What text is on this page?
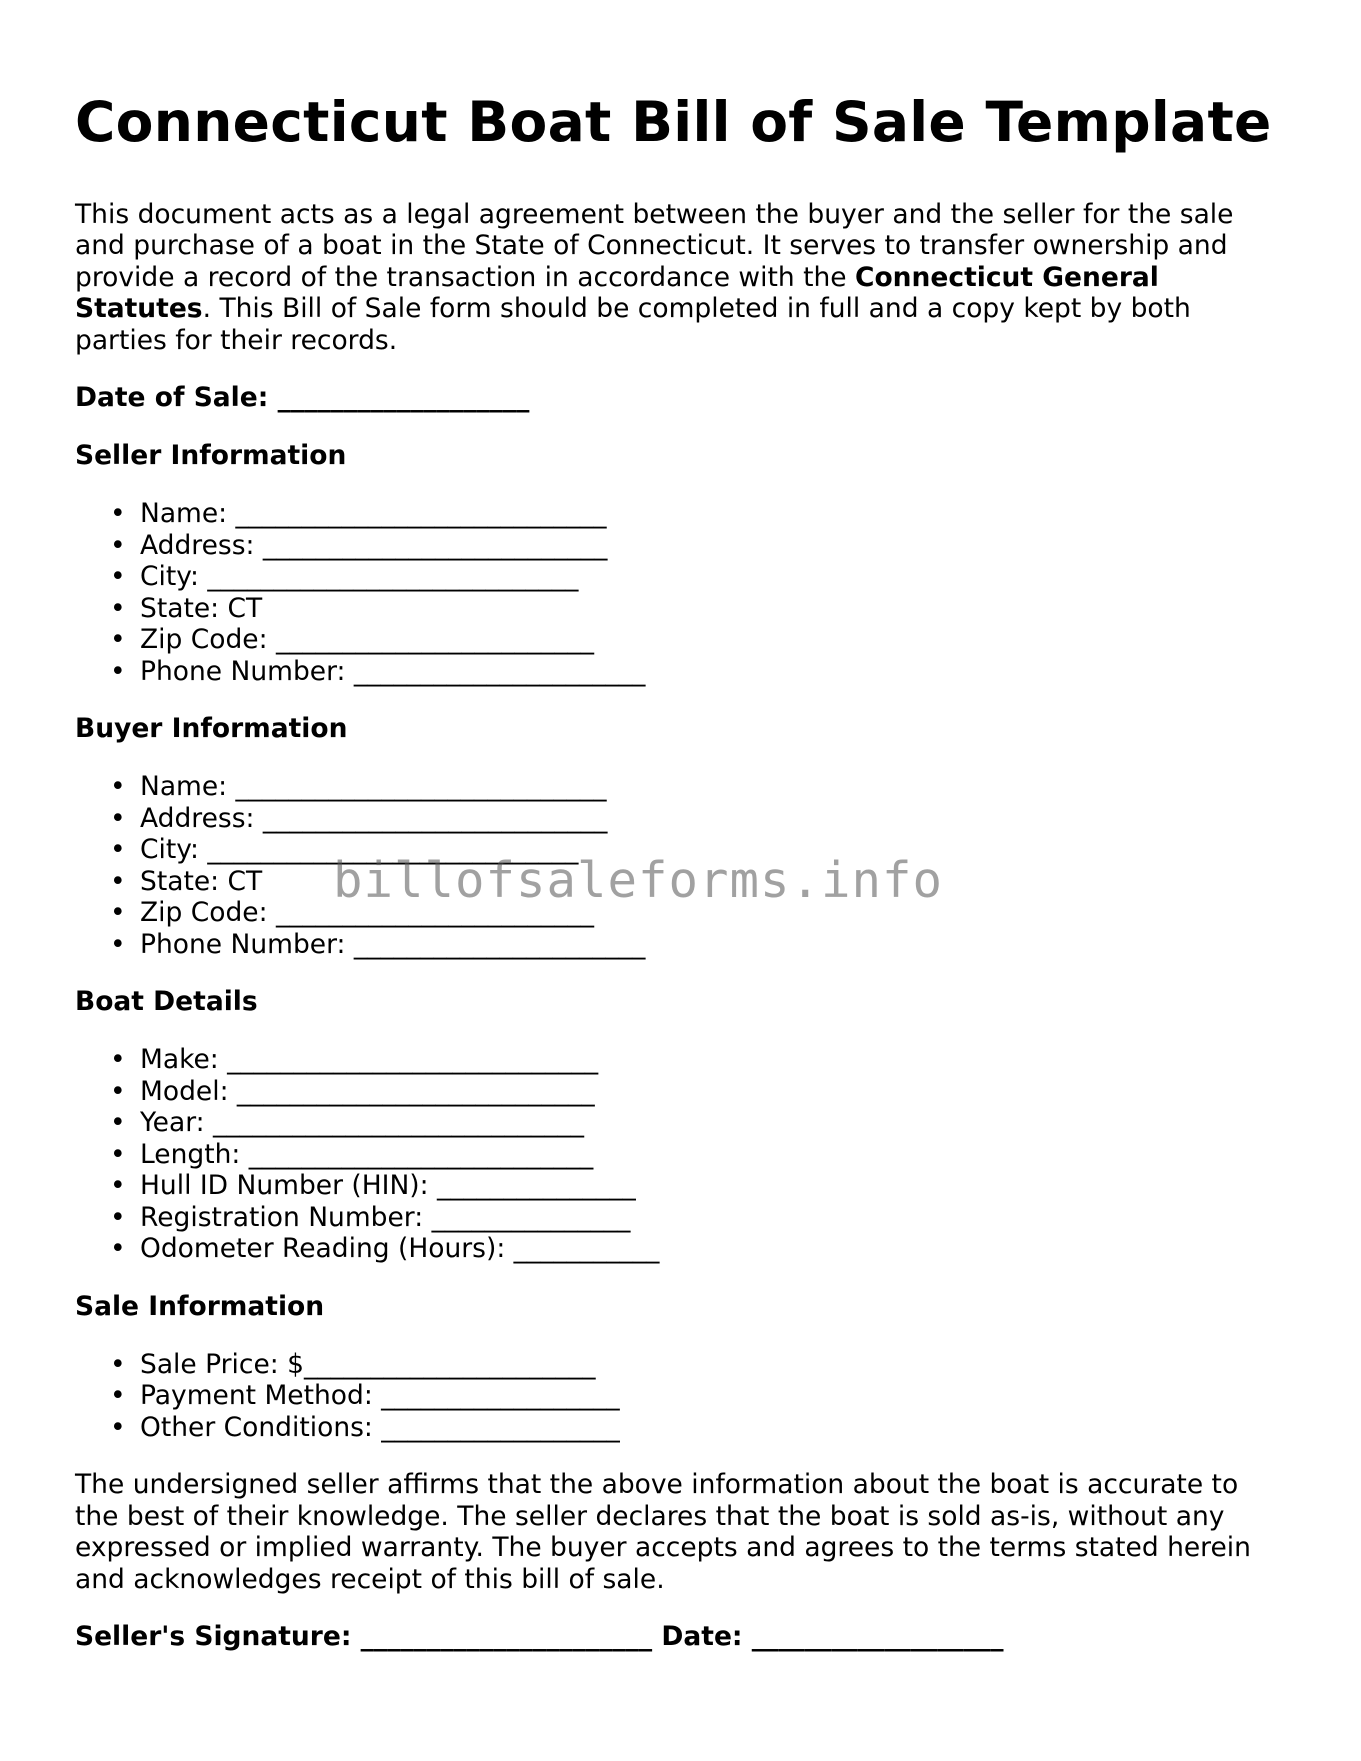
Connecticut Boat Bill of Sale Template

This document acts as a legal agreement between the buyer and the seller for the sale and purchase of a boat in the State of Connecticut. It serves to transfer ownership and provide a record of the transaction in accordance with the Connecticut General Statutes. This Bill of Sale form should be completed in full and a copy kept by both parties for their records.

Date of Sale: ___________________

Seller Information
• Name: ____________________________
• Address: __________________________
• City: ____________________________
• State: CT
• Zip Code: ________________________
• Phone Number: ______________________
Buyer Information
• Name: ____________________________
• Address: __________________________
• City: ____________________________
• State: CT
• Zip Code: ________________________
• Phone Number: ______________________
Boat Details
• Make: ____________________________
• Model: ___________________________
• Year: ____________________________
• Length: __________________________
• Hull ID Number (HIN): _______________
• Registration Number: _______________
• Odometer Reading (Hours): ___________
Sale Information
• Sale Price: $______________________
• Payment Method: __________________
• Other Conditions: __________________

The undersigned seller affirms that the above information about the boat is accurate to the best of their knowledge. The seller declares that the boat is sold as-is, without any expressed or implied warranty. The buyer accepts and agrees to the terms stated herein and acknowledges receipt of this bill of sale.

Seller's Signature: ______________________ Date: ___________________

billofsaleforms.info
